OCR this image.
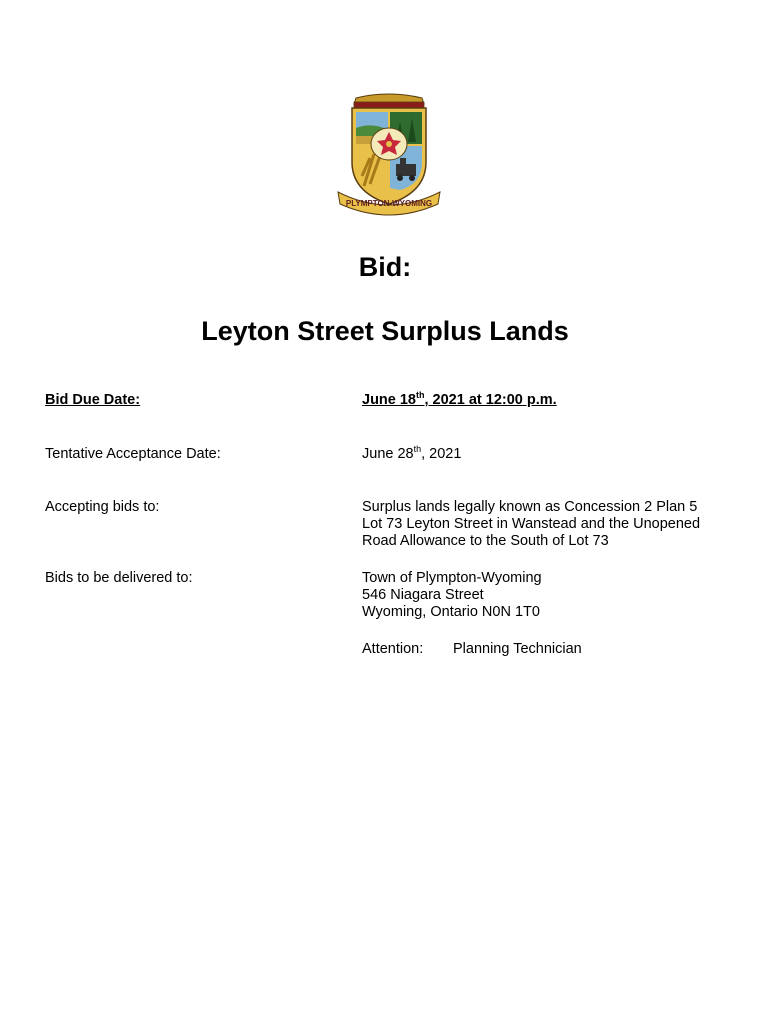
PLYMPTON-WYOMING
Bid:
Leyton Street Surplus Lands
Bid Due Date:	June 18th, 2021 at 12:00 p.m.
Tentative Acceptance Date:	June 28th, 2021
Accepting bids to:	Surplus lands legally known as Concession 2 Plan 5
Lot 73 Leyton Street in Wanstead and the Unopened
Road Allowance to the South of Lot 73
Bids to be delivered to:	Town of Plympton-Wyoming
546 Niagara Street
Wyoming, Ontario N0N 1T0
Attention: Planning Technician
